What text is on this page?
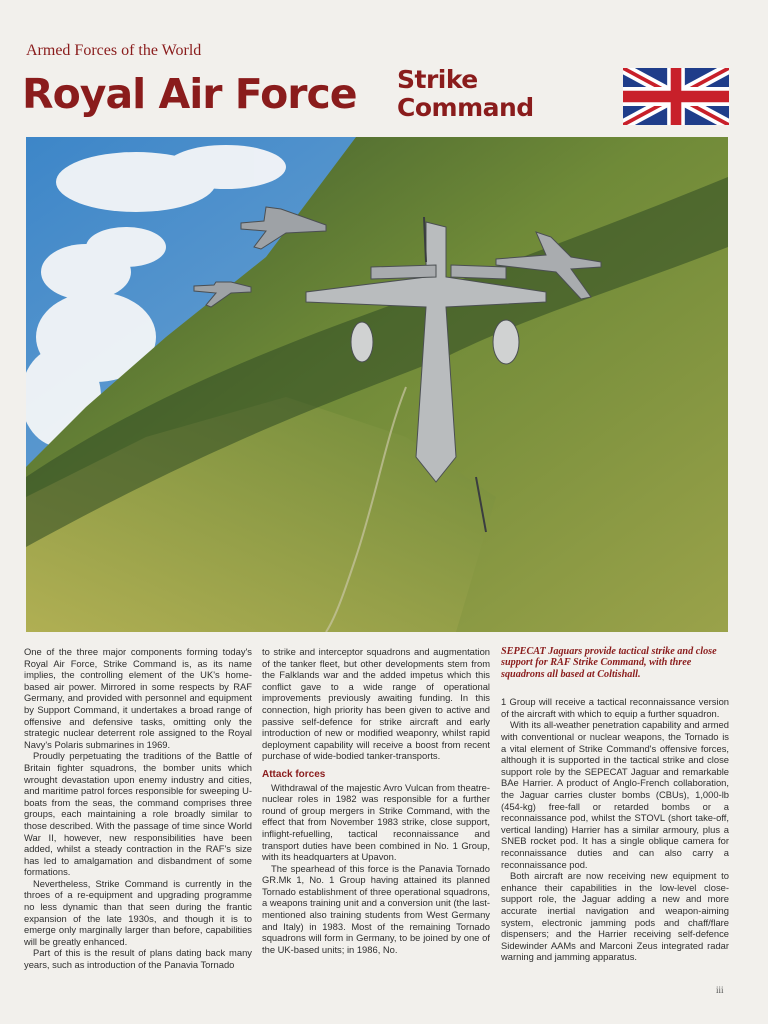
Armed Forces of the World
Royal Air Force Strike
Command

One of the three major components forming today's Royal Air Force, Strike Command is, as its name implies, the controlling element of the UK's home-based air power. Mirrored in some respects by RAF Germany, and provided with personnel and equipment by Support Command, it undertakes a broad range of offensive and defensive tasks, omitting only the strategic nuclear deterrent role assigned to the Royal Navy's Polaris submarines in 1969.

Proudly perpetuating the traditions of the Battle of Britain fighter squadrons, the bomber units which wrought devastation upon enemy industry and cities, and maritime patrol forces responsible for sweeping U-boats from the seas, the command comprises three groups, each maintaining a role broadly similar to those described. With the passage of time since World War II, however, new responsibilities have been added, whilst a steady contraction in the RAF's size has led to amalgamation and disbandment of some formations.

Nevertheless, Strike Command is currently in the throes of a re-equipment and upgrading programme no less dynamic than that seen during the frantic expansion of the late 1930s, and though it is to emerge only marginally larger than before, capabilities will be greatly enhanced.

Part of this is the result of plans dating back many years, such as introduction of the Panavia Tornado

to strike and interceptor squadrons and augmentation of the tanker fleet, but other developments stem from the Falklands war and the added impetus which this conflict gave to a wide range of operational improvements previously awaiting funding. In this connection, high priority has been given to active and passive self-defence for strike aircraft and early introduction of new or modified weaponry, whilst rapid deployment capability will receive a boost from recent purchase of wide-bodied tanker-transports.

Attack forces

Withdrawal of the majestic Avro Vulcan from theatre-nuclear roles in 1982 was responsible for a further round of group mergers in Strike Command, with the effect that from November 1983 strike, close support, inflight-refuelling, tactical reconnaissance and transport duties have been combined in No. 1 Group, with its headquarters at Upavon.

The spearhead of this force is the Panavia Tornado GR.Mk 1, No. 1 Group having attained its planned Tornado establishment of three operational squadrons, a weapons training unit and a conversion unit (the last-mentioned also training students from West Germany and Italy) in 1983. Most of the remaining Tornado squadrons will form in Germany, to be joined by one of the UK-based units; in 1986, No.

SEPECAT Jaguars provide tactical strike and close support for RAF Strike Command, with three squadrons all based at Coltishall.

1 Group will receive a tactical reconnaissance version of the aircraft with which to equip a further squadron.

With its all-weather penetration capability and armed with conventional or nuclear weapons, the Tornado is a vital element of Strike Command's offensive forces, although it is supported in the tactical strike and close support role by the SEPECAT Jaguar and remarkable BAe Harrier. A product of Anglo-French collaboration, the Jaguar carries cluster bombs (CBUs), 1,000-lb (454-kg) free-fall or retarded bombs or a reconnaissance pod, whilst the STOVL (short take-off, vertical landing) Harrier has a similar armoury, plus a SNEB rocket pod. It has a single oblique camera for reconnaissance duties and can also carry a reconnaissance pod.

Both aircraft are now receiving new equipment to enhance their capabilities in the low-level close-support role, the Jaguar adding a new and more accurate inertial navigation and weapon-aiming system, electronic jamming pods and chaff/flare dispensers; and the Harrier receiving self-defence Sidewinder AAMs and Marconi Zeus integrated radar warning and jamming apparatus.

iii
